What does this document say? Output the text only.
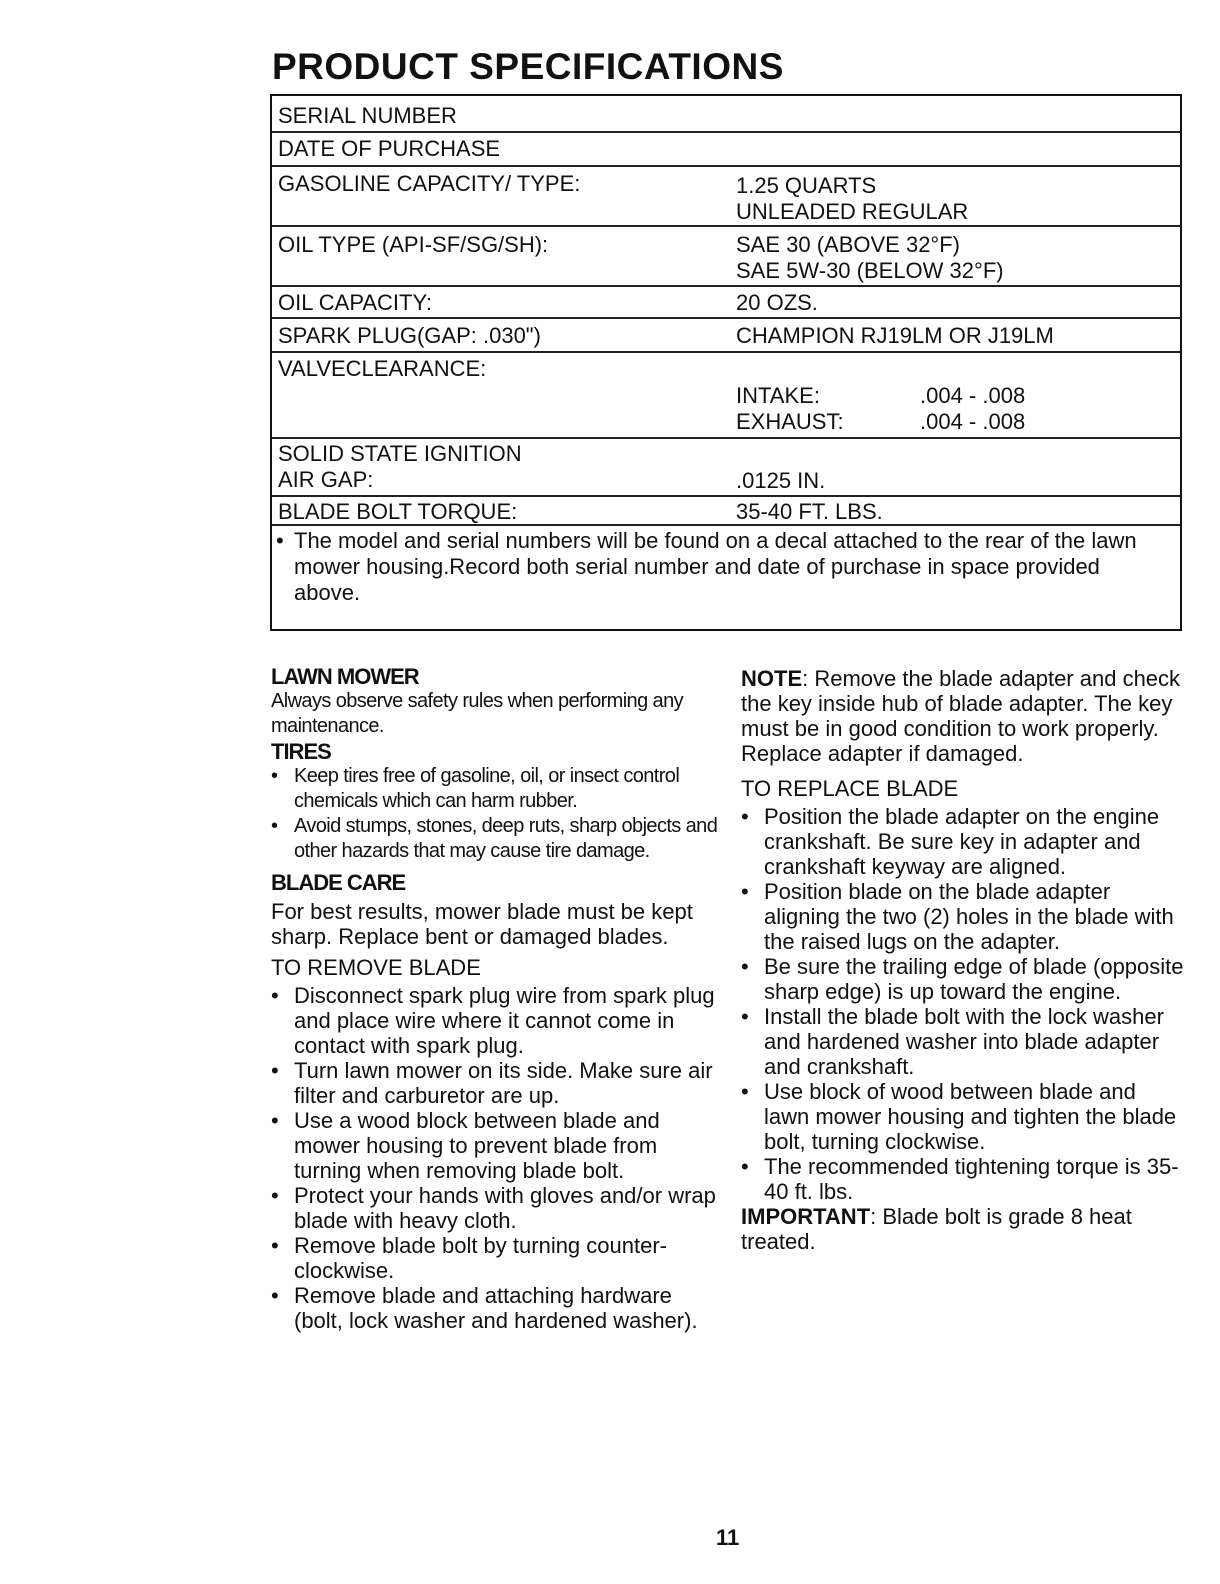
PRODUCT SPECIFICATIONS
SERIAL NUMBER
DATE OF PURCHASE
GASOLINE CAPACITY/ TYPE:	1.25 QUARTS
UNLEADED REGULAR
OIL TYPE (API-SF/SG/SH):	SAE 30 (ABOVE 32°F)
SAE 5W-30 (BELOW 32°F)
OIL CAPACITY:	20 OZS.
SPARK PLUG(GAP: .030")	CHAMPION RJ19LM OR J19LM
VALVECLEARANCE:
INTAKE:	.004 - .008
EXHAUST:	.004 - .008
SOLID STATE IGNITION
AIR GAP:	.0125 IN.
BLADE BOLT TORQUE:	35-40 FT. LBS.
• The model and serial numbers will be found on a decal attached to the rear of the lawn mower housing.Record both serial number and date of purchase in space provided above.

LAWN MOWER

Always observe safety rules when performing any maintenance.

TIRES

• Keep tires free of gasoline, oil, or insect control chemicals which can harm rubber.
• Avoid stumps, stones, deep ruts, sharp objects and other hazards that may cause tire damage.

BLADE CARE

For best results, mower blade must be kept sharp. Replace bent or damaged blades.
TO REMOVE BLADE
• Disconnect spark plug wire from spark plug and place wire where it cannot come in contact with spark plug.
• Turn lawn mower on its side. Make sure air filter and carburetor are up.
• Use a wood block between blade and mower housing to prevent blade from turning when removing blade bolt.
• Protect your hands with gloves and/or wrap blade with heavy cloth.
• Remove blade bolt by turning counter-clockwise.
• Remove blade and attaching hardware (bolt, lock washer and hardened washer).
NOTE: Remove the blade adapter and check the key inside hub of blade adapter. The key must be in good condition to work properly. Replace adapter if damaged.
TO REPLACE BLADE
• Position the blade adapter on the engine crankshaft. Be sure key in adapter and crankshaft keyway are aligned.
• Position blade on the blade adapter aligning the two (2) holes in the blade with the raised lugs on the adapter.
• Be sure the trailing edge of blade (opposite sharp edge) is up toward the engine.
• Install the blade bolt with the lock washer and hardened washer into blade adapter and crankshaft.
• Use block of wood between blade and lawn mower housing and tighten the blade bolt, turning clockwise.
• The recommended tightening torque is 35-40 ft. lbs.
IMPORTANT: Blade bolt is grade 8 heat treated.
11
